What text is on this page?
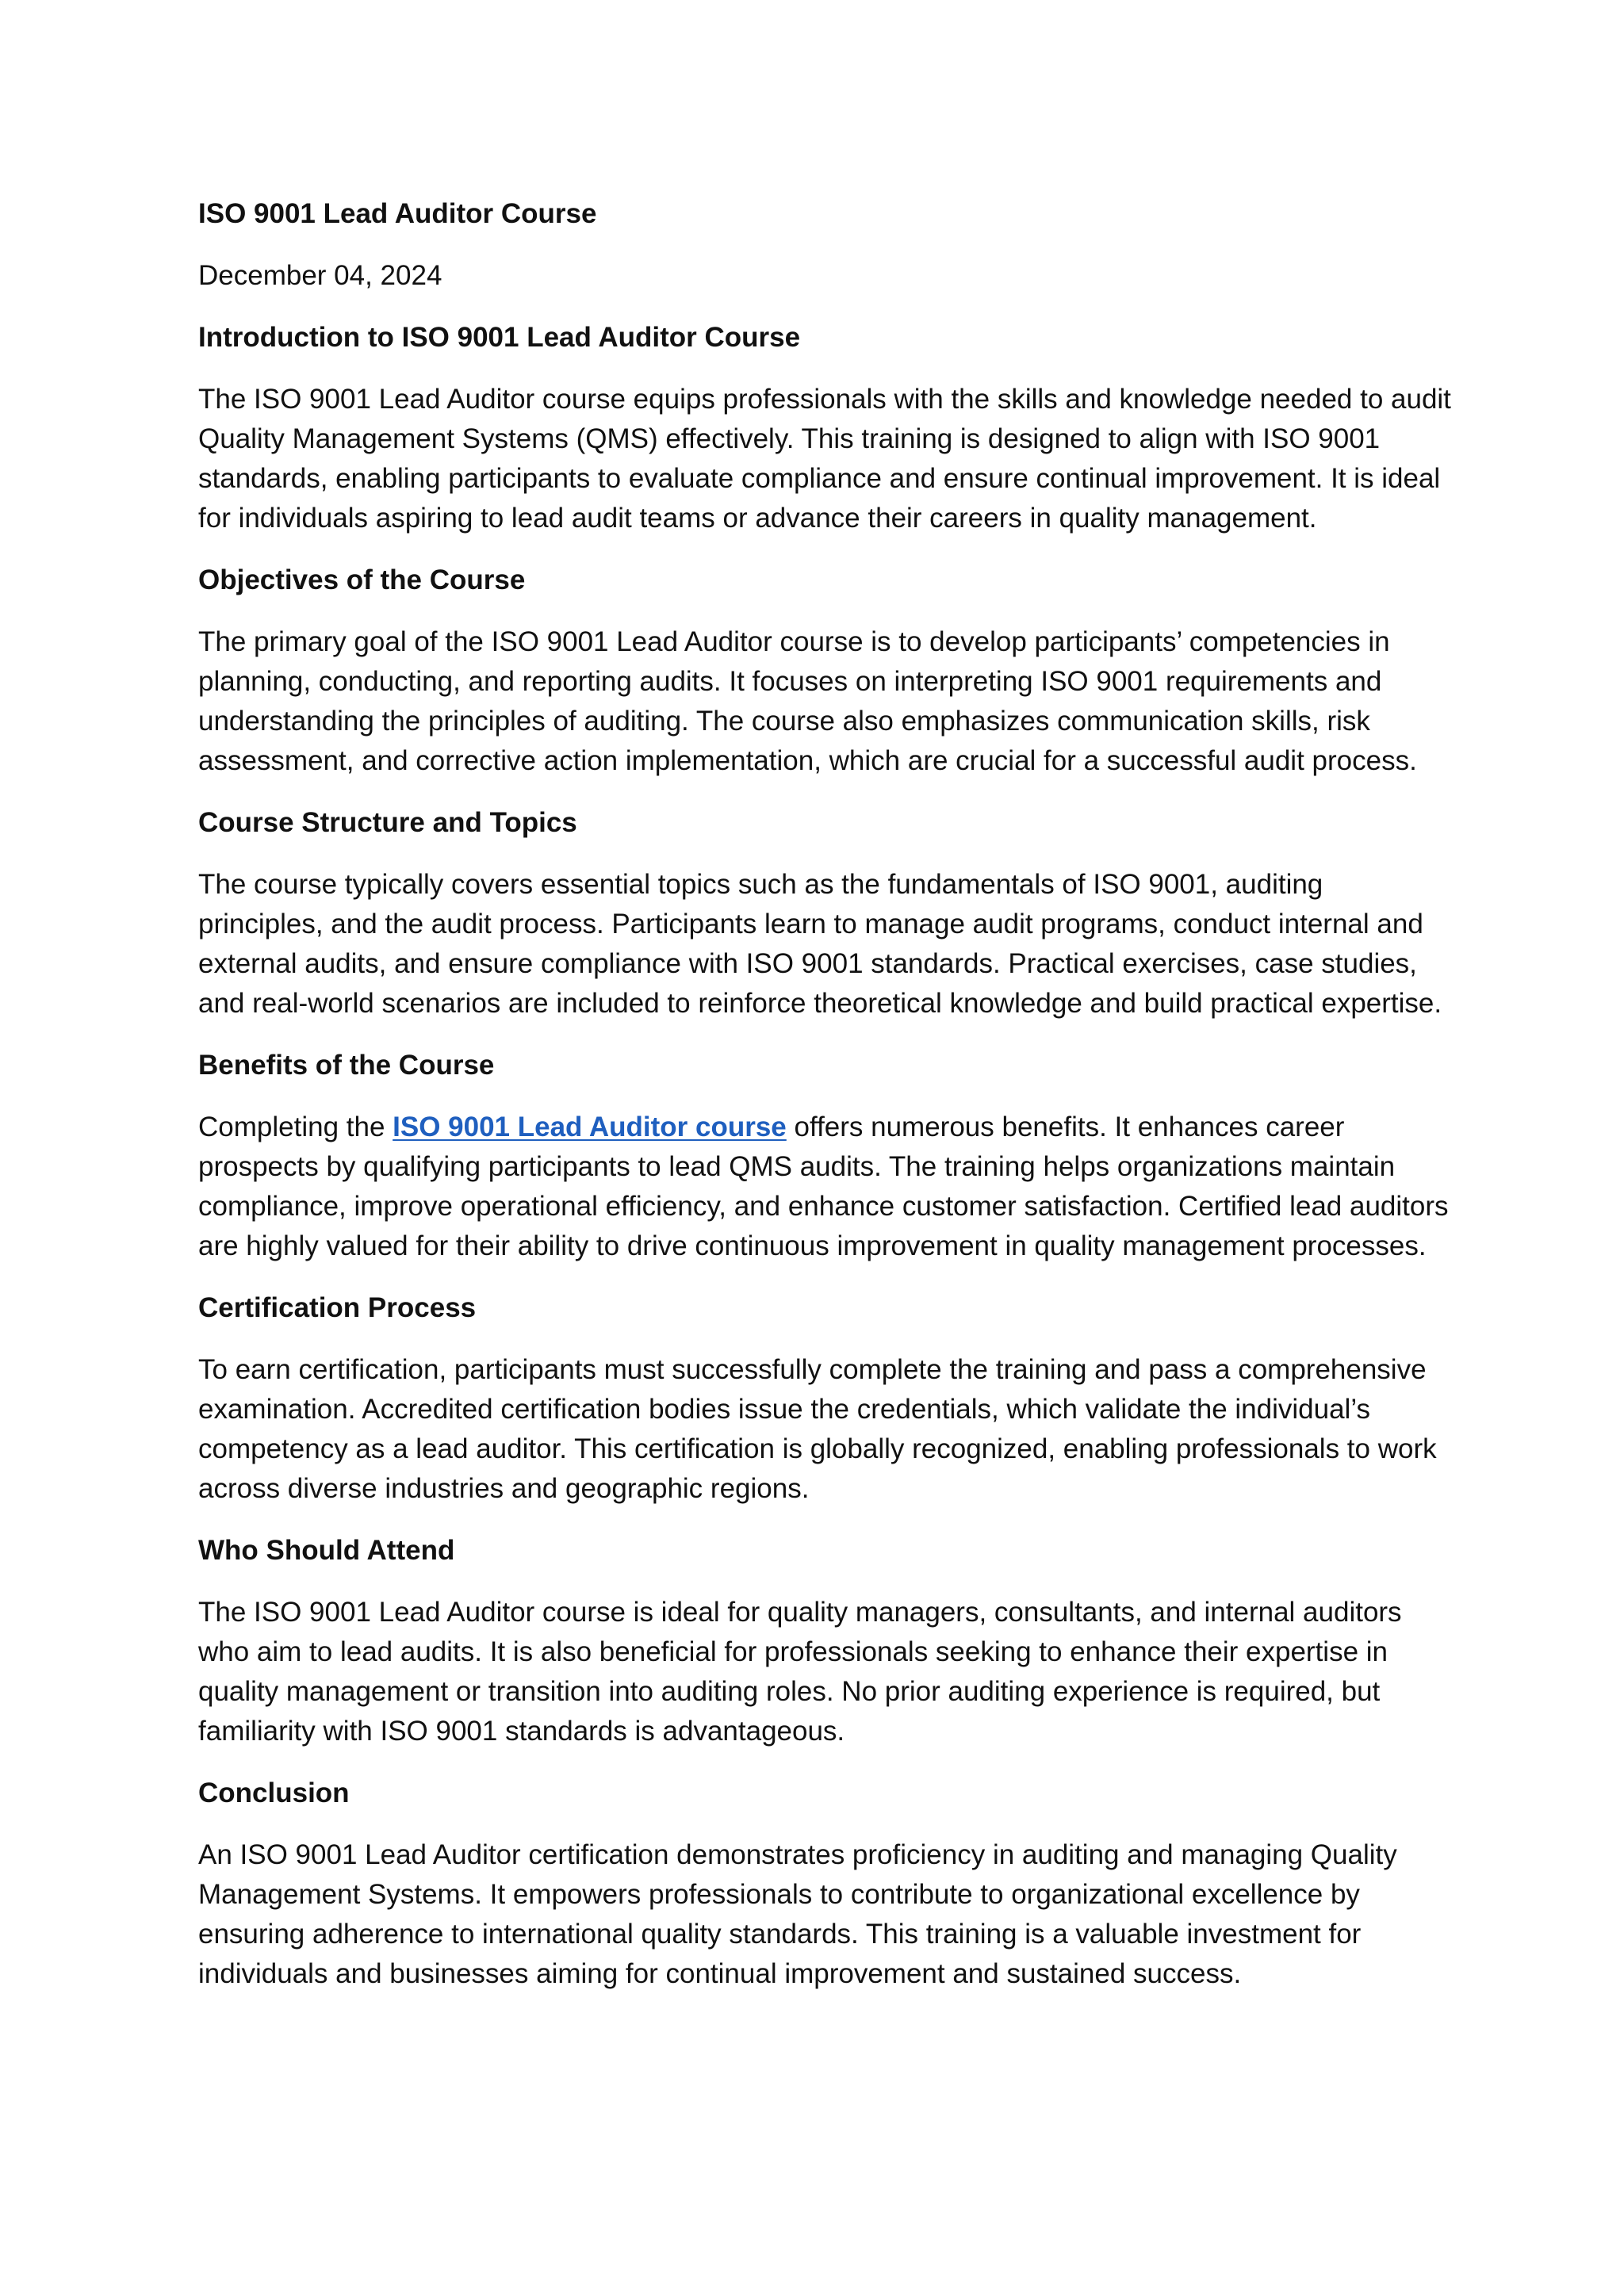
ISO 9001 Lead Auditor Course
December 04, 2024
Introduction to ISO 9001 Lead Auditor Course
The ISO 9001 Lead Auditor course equips professionals with the skills and knowledge needed to audit Quality Management Systems (QMS) effectively. This training is designed to align with ISO 9001 standards, enabling participants to evaluate compliance and ensure continual improvement. It is ideal for individuals aspiring to lead audit teams or advance their careers in quality management.
Objectives of the Course
The primary goal of the ISO 9001 Lead Auditor course is to develop participants’ competencies in planning, conducting, and reporting audits. It focuses on interpreting ISO 9001 requirements and understanding the principles of auditing. The course also emphasizes communication skills, risk assessment, and corrective action implementation, which are crucial for a successful audit process.
Course Structure and Topics
The course typically covers essential topics such as the fundamentals of ISO 9001, auditing principles, and the audit process. Participants learn to manage audit programs, conduct internal and external audits, and ensure compliance with ISO 9001 standards. Practical exercises, case studies, and real-world scenarios are included to reinforce theoretical knowledge and build practical expertise.
Benefits of the Course
Completing the ISO 9001 Lead Auditor course offers numerous benefits. It enhances career prospects by qualifying participants to lead QMS audits. The training helps organizations maintain compliance, improve operational efficiency, and enhance customer satisfaction. Certified lead auditors are highly valued for their ability to drive continuous improvement in quality management processes.
Certification Process
To earn certification, participants must successfully complete the training and pass a comprehensive examination. Accredited certification bodies issue the credentials, which validate the individual’s competency as a lead auditor. This certification is globally recognized, enabling professionals to work across diverse industries and geographic regions.
Who Should Attend
The ISO 9001 Lead Auditor course is ideal for quality managers, consultants, and internal auditors who aim to lead audits. It is also beneficial for professionals seeking to enhance their expertise in quality management or transition into auditing roles. No prior auditing experience is required, but familiarity with ISO 9001 standards is advantageous.
Conclusion
An ISO 9001 Lead Auditor certification demonstrates proficiency in auditing and managing Quality Management Systems. It empowers professionals to contribute to organizational excellence by ensuring adherence to international quality standards. This training is a valuable investment for individuals and businesses aiming for continual improvement and sustained success.
